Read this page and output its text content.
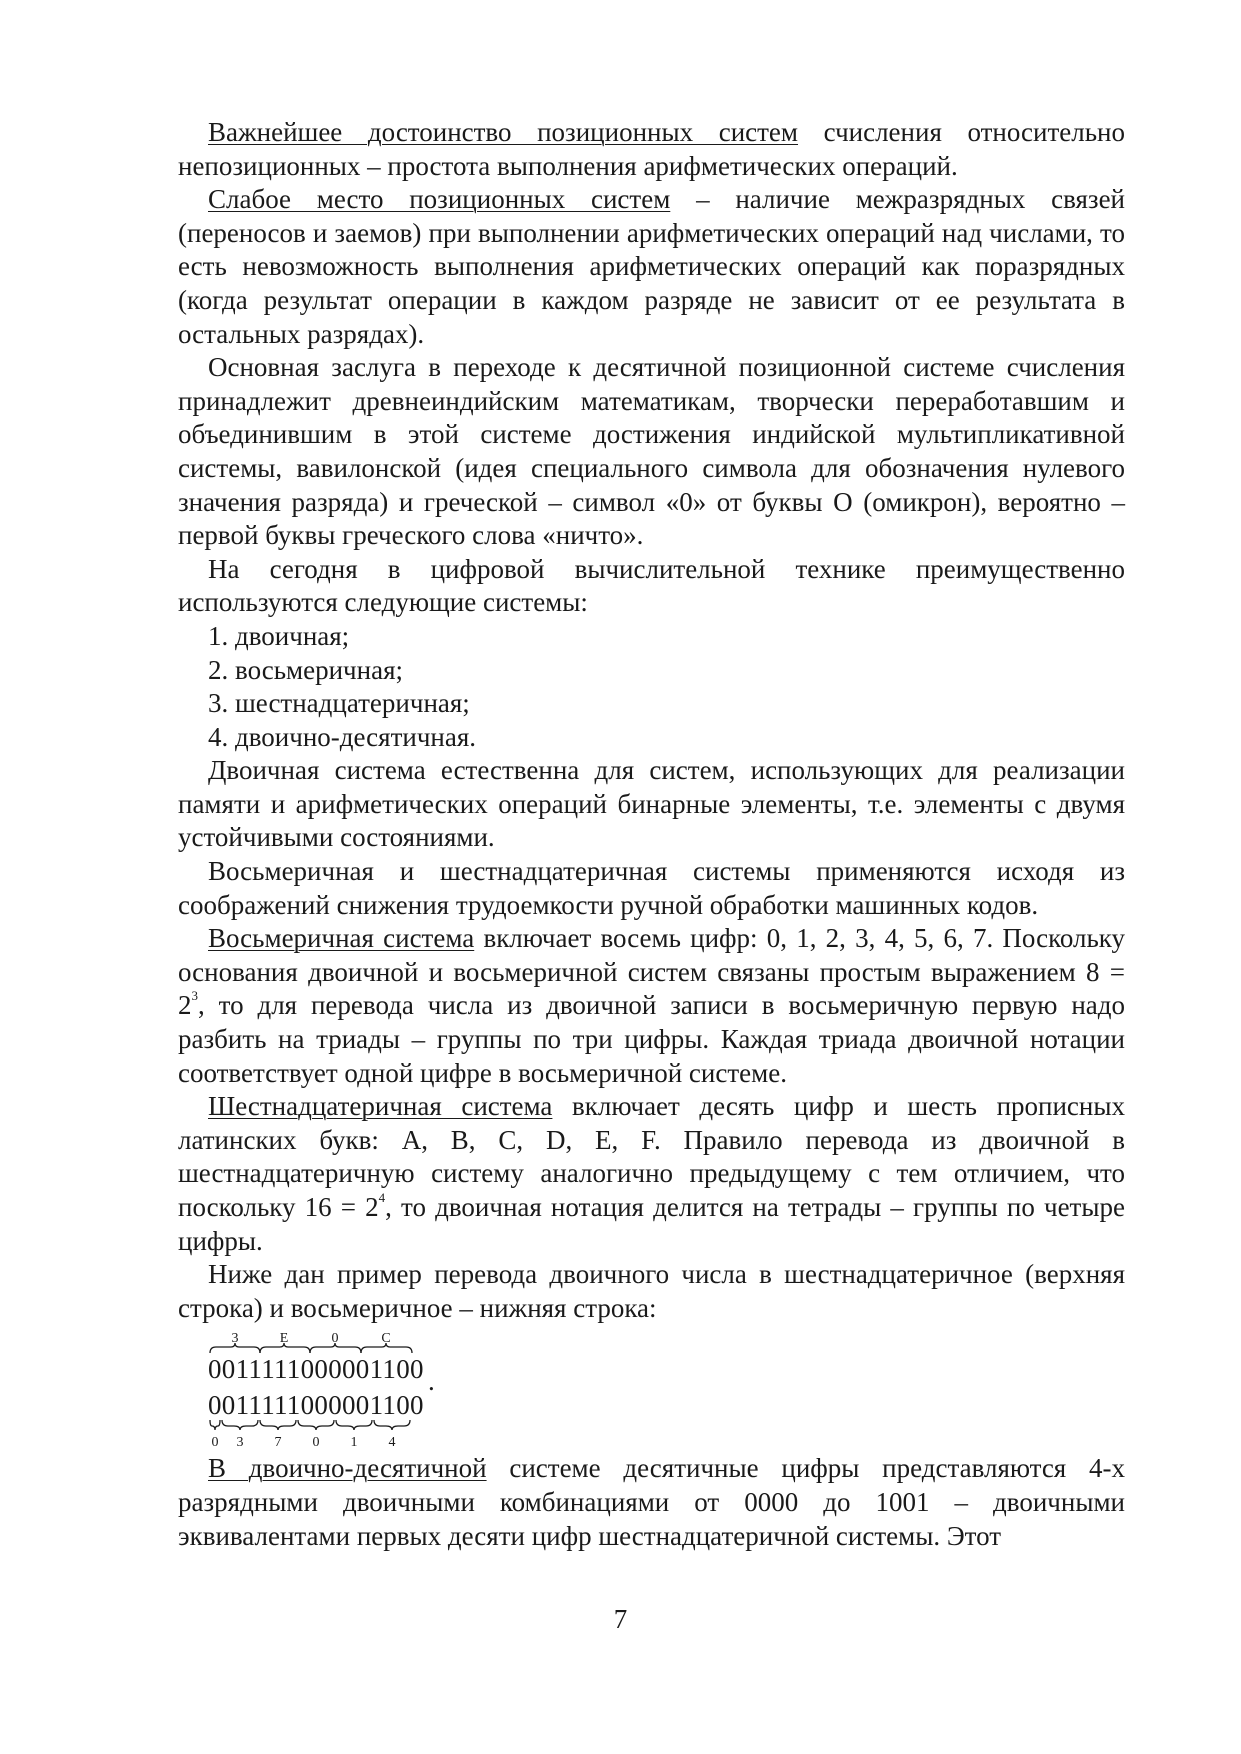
Важнейшее достоинство позиционных систем счисления относительно непозиционных – простота выполнения арифметических операций.

Слабое место позиционных систем – наличие межразрядных связей (переносов и заемов) при выполнении арифметических операций над числами, то есть невозможность выполнения арифметических операций как поразрядных (когда результат операции в каждом разряде не зависит от ее результата в остальных разрядах).

Основная заслуга в переходе к десятичной позиционной системе счисления принадлежит древнеиндийским математикам, творчески переработавшим и объединившим в этой системе достижения индийской мультипликативной системы, вавилонской (идея специального символа для обозначения нулевого значения разряда) и греческой – символ «0» от буквы О (омикрон), вероятно – первой буквы греческого слова «ничто».

На сегодня в цифровой вычислительной технике преимущественно используются следующие системы:

1. двоичная;
2. восьмеричная;
3. шестнадцатеричная;
4. двоично-десятичная.

Двоичная система естественна для систем, использующих для реализации памяти и арифметических операций бинарные элементы, т.е. элементы с двумя устойчивыми состояниями.

Восьмеричная и шестнадцатеричная системы применяются исходя из соображений снижения трудоемкости ручной обработки машинных кодов.

Восьмеричная система включает восемь цифр: 0, 1, 2, 3, 4, 5, 6, 7. Поскольку основания двоичной и восьмеричной систем связаны простым выражением $8 = 2^3$, то для перевода числа из двоичной записи в восьмеричную первую надо разбить на триады – группы по три цифры. Каждая триада двоичной нотации соответствует одной цифре в восьмеричной системе.

Шестнадцатеричная система включает десять цифр и шесть прописных латинских букв: A, B, C, D, E, F. Правило перевода из двоичной в шестнадцатеричную систему аналогично предыдущему с тем отличием, что поскольку $16 = 2^4$, то двоичная нотация делится на тетрады – группы по четыре цифры.

Ниже дан пример перевода двоичного числа в шестнадцатеричное (верхняя строка) и восьмеричное – нижняя строка:

3	E	0	C
0 3 7 0 1 4
.
0011111000001100
0011111000001100

В двоично-десятичной системе десятичные цифры представляются 4-х разрядными двоичными комбинациями от 0000 до 1001 – двоичными эквивалентами первых десяти цифр шестнадцатеричной системы. Этот

7
